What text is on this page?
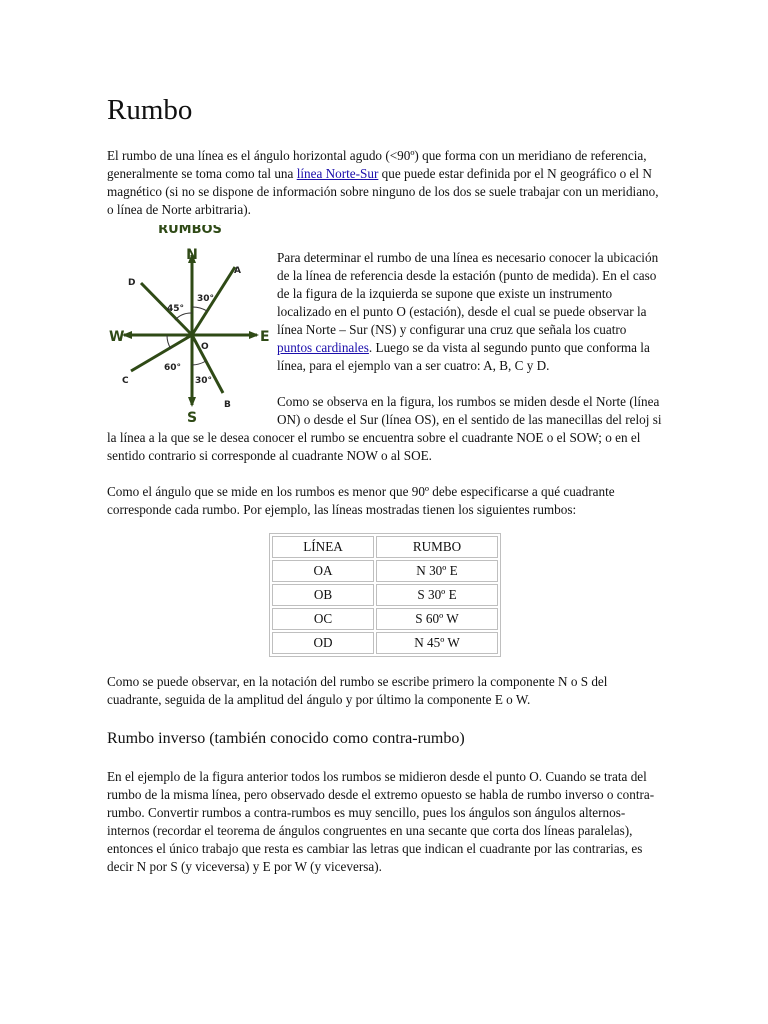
Rumbo

El rumbo de una línea es el ángulo horizontal agudo (<90º) que forma con un meridiano de referencia, generalmente se toma como tal una línea Norte-Sur que puede estar definida por el N geográfico o el N magnético (si no se dispone de información sobre ninguno de los dos se suele trabajar con un meridiano, o línea de Norte arbitraria).

RUMBOS
N
S
E
W
O
A
B
C
D
30°
45°
60°
30°

Para determinar el rumbo de una línea es necesario conocer la ubicación de la línea de referencia desde la estación (punto de medida). En el caso de la figura de la izquierda se supone que existe un instrumento localizado en el punto O (estación), desde el cual se puede observar la línea Norte – Sur (NS) y configurar una cruz que señala los cuatro puntos cardinales. Luego se da vista al segundo punto que conforma la línea, para el ejemplo van a ser cuatro: A, B, C y D.

Como se observa en la figura, los rumbos se miden desde el Norte (línea ON) o desde el Sur (línea OS), en el sentido de las manecillas del reloj si la línea a la que se le desea conocer el rumbo se encuentra sobre el cuadrante NOE o el SOW; o en el sentido contrario si corresponde al cuadrante NOW o al SOE.

Como el ángulo que se mide en los rumbos es menor que 90º debe especificarse a qué cuadrante corresponde cada rumbo. Por ejemplo, las líneas mostradas tienen los siguientes rumbos:

LÍNEA	RUMBO
OA	N 30º E
OB	S 30º E
OC	S 60º W
OD	N 45º W

Como se puede observar, en la notación del rumbo se escribe primero la componente N o S del cuadrante, seguida de la amplitud del ángulo y por último la componente E o W.

Rumbo inverso (también conocido como contra-rumbo)

En el ejemplo de la figura anterior todos los rumbos se midieron desde el punto O. Cuando se trata del rumbo de la misma línea, pero observado desde el extremo opuesto se habla de rumbo inverso o contra-rumbo. Convertir rumbos a contra-rumbos es muy sencillo, pues los ángulos son ángulos alternos-internos (recordar el teorema de ángulos congruentes en una secante que corta dos líneas paralelas), entonces el único trabajo que resta es cambiar las letras que indican el cuadrante por las contrarias, es decir N por S (y viceversa) y E por W (y viceversa).
